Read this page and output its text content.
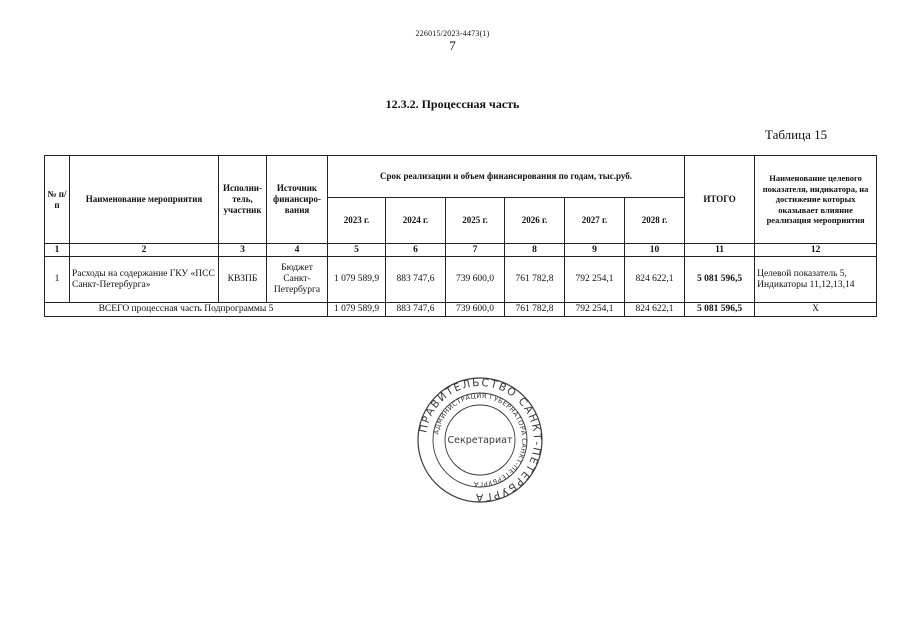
226015/2023-4473(1)
7
12.3.2. Процессная часть
Таблица 15
№ п/п	Наименование мероприятия	Исполни-тель, участник	Источник финансиро-вания	Срок реализации и объем финансирования по годам, тыс.руб.						ИТОГО	Наименование целевого показателя, индикатора, на достижение которых оказывает влияние реализация мероприятия
				2023 г.	2024 г.	2025 г.	2026 г.	2027 г.	2028 г.		
1	2	3	4	5	6	7	8	9	10	11	12
1	Расходы на содержание ГКУ «ПСС Санкт-Петербурга»	КВЗПБ	Бюджет Санкт-Петербурга	1 079 589,9	883 747,6	739 600,0	761 782,8	792 254,1	824 622,1	5 081 596,5	Целевой показатель 5, Индикаторы 11,12,13,14
ВСЕГО процессная часть Подпрограммы 5				1 079 589,9	883 747,6	739 600,0	761 782,8	792 254,1	824 622,1	5 081 596,5	Х
ПРАВИТЕЛЬСТВО САНКТ-ПЕТЕРБУРГА
АДМИНИСТРАЦИЯ ГУБЕРНАТОРА САНКТ-ПЕТЕРБУРГА
Секретариат
